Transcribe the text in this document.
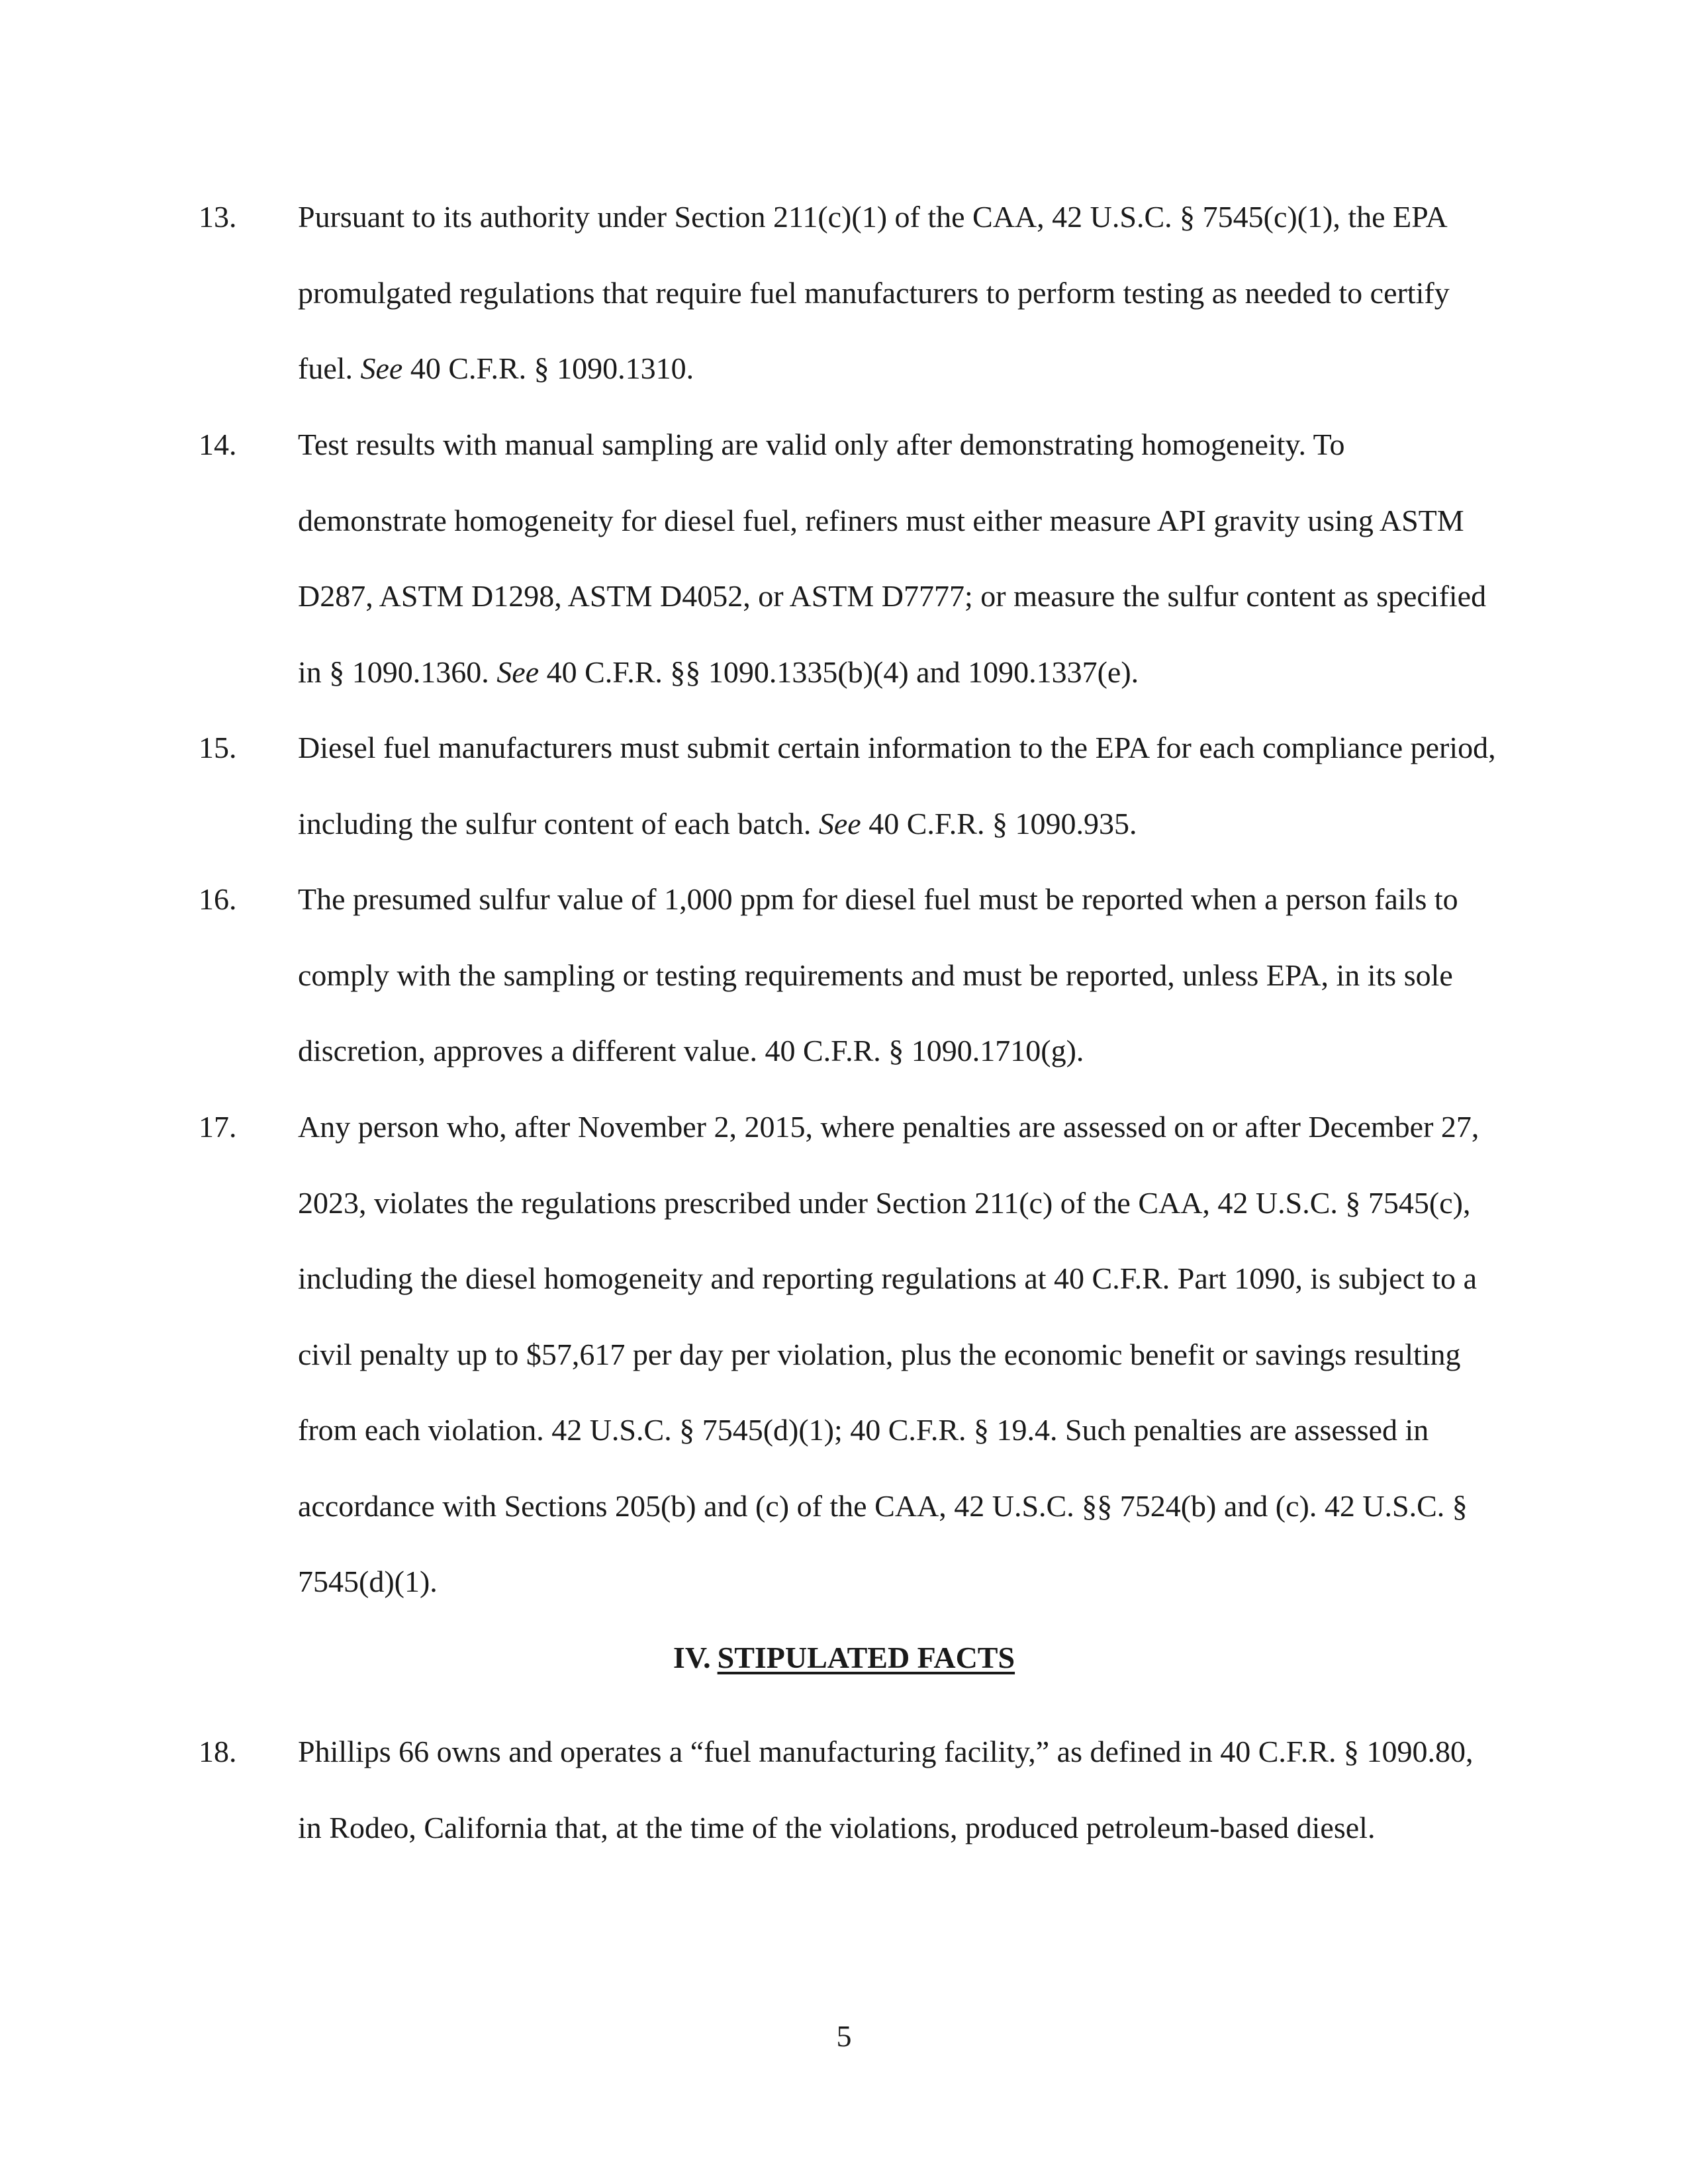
13. Pursuant to its authority under Section 211(c)(1) of the CAA, 42 U.S.C. § 7545(c)(1), the EPA promulgated regulations that require fuel manufacturers to perform testing as needed to certify fuel. See 40 C.F.R. § 1090.1310.

14. Test results with manual sampling are valid only after demonstrating homogeneity. To demonstrate homogeneity for diesel fuel, refiners must either measure API gravity using ASTM D287, ASTM D1298, ASTM D4052, or ASTM D7777; or measure the sulfur content as specified in § 1090.1360. See 40 C.F.R. §§ 1090.1335(b)(4) and 1090.1337(e).

15. Diesel fuel manufacturers must submit certain information to the EPA for each compliance period, including the sulfur content of each batch. See 40 C.F.R. § 1090.935.

16. The presumed sulfur value of 1,000 ppm for diesel fuel must be reported when a person fails to comply with the sampling or testing requirements and must be reported, unless EPA, in its sole discretion, approves a different value. 40 C.F.R. § 1090.1710(g).

17. Any person who, after November 2, 2015, where penalties are assessed on or after December 27, 2023, violates the regulations prescribed under Section 211(c) of the CAA, 42 U.S.C. § 7545(c), including the diesel homogeneity and reporting regulations at 40 C.F.R. Part 1090, is subject to a civil penalty up to $57,617 per day per violation, plus the economic benefit or savings resulting from each violation. 42 U.S.C. § 7545(d)(1); 40 C.F.R. § 19.4. Such penalties are assessed in accordance with Sections 205(b) and (c) of the CAA, 42 U.S.C. §§ 7524(b) and (c). 42 U.S.C. § 7545(d)(1).

IV. STIPULATED FACTS
18. Phillips 66 owns and operates a “fuel manufacturing facility,” as defined in 40 C.F.R. § 1090.80, in Rodeo, California that, at the time of the violations, produced petroleum-based diesel.

5
